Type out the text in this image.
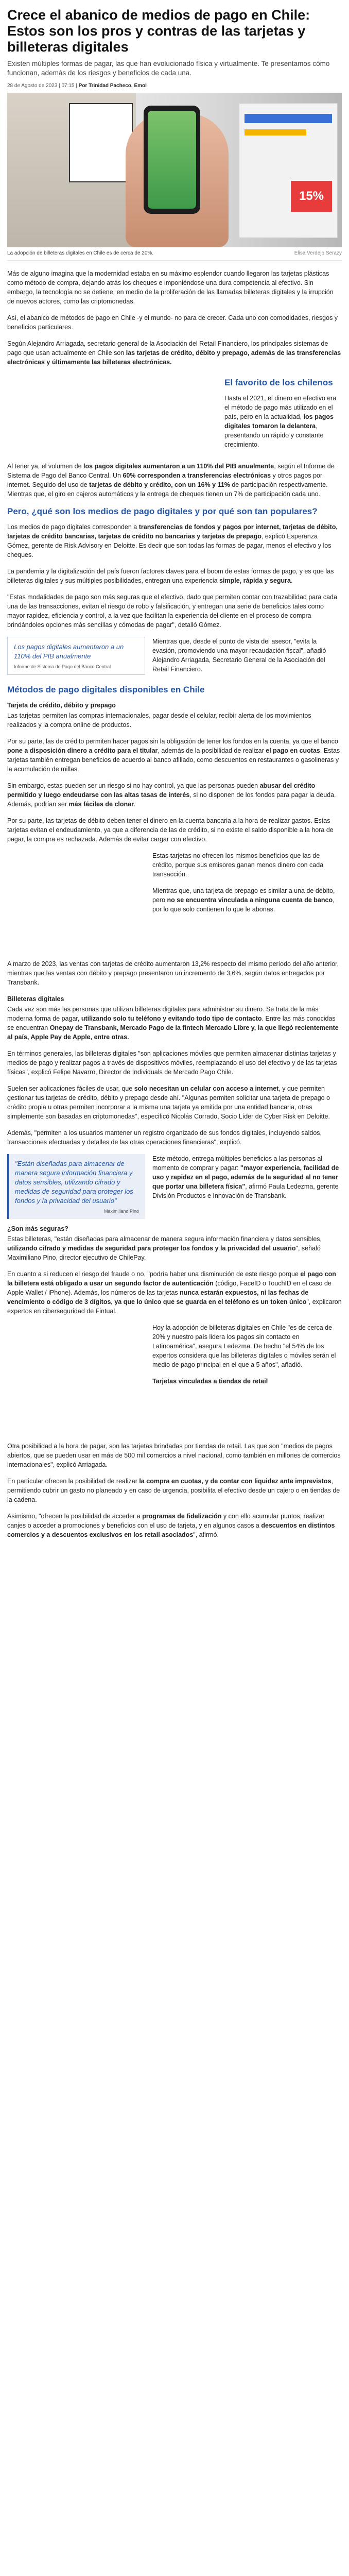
Crece el abanico de medios de pago en Chile: Estos son los pros y contras de las tarjetas y billeteras digitales

Existen múltiples formas de pagar, las que han evolucionado física y virtualmente. Te presentamos cómo funcionan, además de los riesgos y beneficios de cada una.

28 de Agosto de 2023 | 07:15 | Por Trinidad Pacheco, Emol
15%
La adopción de billeteras digitales en Chile es de cerca de 20%.	Elisa Verdejo Serazy

Más de alguno imagina que la modernidad estaba en su máximo esplendor cuando llegaron las tarjetas plásticas como método de compra, dejando atrás los cheques e imponiéndose una dura competencia al efectivo. Sin embargo, la tecnología no se detiene, en medio de la proliferación de las llamadas billeteras digitales y la irrupción de nuevos actores, como las criptomonedas.

Así, el abanico de métodos de pago en Chile -y el mundo- no para de crecer. Cada uno con comodidades, riesgos y beneficios particulares.

Según Alejandro Arriagada, secretario general de la Asociación del Retail Financiero, los principales sistemas de pago que usan actualmente en Chile son las tarjetas de crédito, débito y prepago, además de las transferencias electrónicas y últimamente las billeteras electrónicas.

El favorito de los chilenos

Hasta el 2021, el dinero en efectivo era el método de pago más utilizado en el país, pero en la actualidad, los pagos digitales tomaron la delantera, presentando un rápido y constante crecimiento.

Al tener ya, el volumen de los pagos digitales aumentaron a un 110% del PIB anualmente, según el Informe de Sistema de Pago del Banco Central. Un 60% corresponden a transferencias electrónicas y otros pagos por internet. Seguido del uso de tarjetas de débito y crédito, con un 16% y 11% de participación respectivamente. Mientras que, el giro en cajeros automáticos y la entrega de cheques tienen un 7% de participación cada uno.

Pero, ¿qué son los medios de pago digitales y por qué son tan populares?

Los medios de pago digitales corresponden a transferencias de fondos y pagos por internet, tarjetas de débito, tarjetas de crédito bancarias, tarjetas de crédito no bancarias y tarjetas de prepago, explicó Esperanza Gómez, gerente de Risk Advisory en Deloitte. Es decir que son todas las formas de pagar, menos el efectivo y los cheques.

La pandemia y la digitalización del país fueron factores claves para el boom de estas formas de pago, y es que las billeteras digitales y sus múltiples posibilidades, entregan una experiencia simple, rápida y segura.

"Estas modalidades de pago son más seguras que el efectivo, dado que permiten contar con trazabilidad para cada una de las transacciones, evitan el riesgo de robo y falsificación, y entregan una serie de beneficios tales como mayor rapidez, eficiencia y control, a la vez que facilitan la experiencia del cliente en el proceso de compra brindándoles opciones más sencillas y cómodas de pagar", detalló Gómez.

Los pagos digitales aumentaron a un 110% del PIB anualmente
Informe de Sistema de Pago del Banco Central

Mientras que, desde el punto de vista del asesor, "evita la evasión, promoviendo una mayor recaudación fiscal", añadió Alejandro Arriagada, Secretario General de la Asociación del Retail Financiero.

Métodos de pago digitales disponibles en Chile

Tarjeta de crédito, débito y prepago

Las tarjetas permiten las compras internacionales, pagar desde el celular, recibir alerta de los movimientos realizados y la compra online de productos.

Por su parte, las de crédito permiten hacer pagos sin la obligación de tener los fondos en la cuenta, ya que el banco pone a disposición dinero a crédito para el titular, además de la posibilidad de realizar el pago en cuotas. Estas tarjetas también entregan beneficios de acuerdo al banco afiliado, como descuentos en restaurantes o gasolineras y la acumulación de millas.

Sin embargo, estas pueden ser un riesgo si no hay control, ya que las personas pueden abusar del crédito permitido y luego endeudarse con las altas tasas de interés, si no disponen de los fondos para pagar la deuda. Además, podrían ser más fáciles de clonar.

Por su parte, las tarjetas de débito deben tener el dinero en la cuenta bancaria a la hora de realizar gastos. Estas tarjetas evitan el endeudamiento, ya que a diferencia de las de crédito, si no existe el saldo disponible a la hora de pagar, la compra es rechazada. Además de evitar cargar con efectivo.

Estas tarjetas no ofrecen los mismos beneficios que las de crédito, porque sus emisores ganan menos dinero con cada transacción.

Mientras que, una tarjeta de prepago es similar a una de débito, pero no se encuentra vinculada a ninguna cuenta de banco, por lo que solo contienen lo que le abonas.

A marzo de 2023, las ventas con tarjetas de crédito aumentaron 13,2% respecto del mismo período del año anterior, mientras que las ventas con débito y prepago presentaron un incremento de 3,6%, según datos entregados por Transbank.

Billeteras digitales

Cada vez son más las personas que utilizan billeteras digitales para administrar su dinero. Se trata de la más moderna forma de pagar, utilizando solo tu teléfono y evitando todo tipo de contacto. Entre las más conocidas se encuentran Onepay de Transbank, Mercado Pago de la fintech Mercado Libre y, la que llegó recientemente al país, Apple Pay de Apple, entre otras.

En términos generales, las billeteras digitales "son aplicaciones móviles que permiten almacenar distintas tarjetas y medios de pago y realizar pagos a través de dispositivos móviles, reemplazando el uso del efectivo y de las tarjetas físicas", explicó Felipe Navarro, Director de Individuals de Mercado Pago Chile.

Suelen ser aplicaciones fáciles de usar, que solo necesitan un celular con acceso a internet, y que permiten gestionar tus tarjetas de crédito, débito y prepago desde ahí. "Algunas permiten solicitar una tarjeta de prepago o crédito propia u otras permiten incorporar a la misma una tarjeta ya emitida por una entidad bancaria, otras simplemente son basadas en criptomonedas", especificó Nicolás Corrado, Socio Líder de Cyber Risk en Deloitte.

Además, "permiten a los usuarios mantener un registro organizado de sus fondos digitales, incluyendo saldos, transacciones efectuadas y detalles de las otras operaciones financieras", explicó.

"Están diseñadas para almacenar de manera segura información financiera y datos sensibles, utilizando cifrado y medidas de seguridad para proteger los fondos y la privacidad del usuario"
Maximiliano Pino

Este método, entrega múltiples beneficios a las personas al momento de comprar y pagar: "mayor experiencia, facilidad de uso y rapidez en el pago, además de la seguridad al no tener que portar una billetera física", afirmó Paula Ledezma, gerente División Productos e Innovación de Transbank.

¿Son más seguras?

Estas billeteras, "están diseñadas para almacenar de manera segura información financiera y datos sensibles, utilizando cifrado y medidas de seguridad para proteger los fondos y la privacidad del usuario", señaló Maximiliano Pino, director ejecutivo de ChilePay.

En cuanto a si reducen el riesgo del fraude o no, "podría haber una disminución de este riesgo porque el pago con la billetera está obligado a usar un segundo factor de autenticación (código, FaceID o TouchID en el caso de Apple Wallet / iPhone). Además, los números de las tarjetas nunca estarán expuestos, ni las fechas de vencimiento o código de 3 dígitos, ya que lo único que se guarda en el teléfono es un token único", explicaron expertos en ciberseguridad de Fintual.

Hoy la adopción de billeteras digitales en Chile "es de cerca de 20% y nuestro país lidera los pagos sin contacto en Latinoamérica", asegura Ledezma. De hecho "el 54% de los expertos considera que las billeteras digitales o móviles serán el medio de pago principal en el que a 5 años", añadió.

Tarjetas vinculadas a tiendas de retail

Otra posibilidad a la hora de pagar, son las tarjetas brindadas por tiendas de retail. Las que son "medios de pagos abiertos, que se pueden usar en más de 500 mil comercios a nivel nacional, como también en millones de comercios internacionales", explicó Arriagada.

En particular ofrecen la posibilidad de realizar la compra en cuotas, y de contar con liquidez ante imprevistos, permitiendo cubrir un gasto no planeado y en caso de urgencia, posibilita el efectivo desde un cajero o en tiendas de la cadena.

Asimismo, "ofrecen la posibilidad de acceder a programas de fidelización y con ello acumular puntos, realizar canjes o acceder a promociones y beneficios con el uso de tarjeta, y en algunos casos a descuentos en distintos comercios y a descuentos exclusivos en los retail asociados", afirmó.
